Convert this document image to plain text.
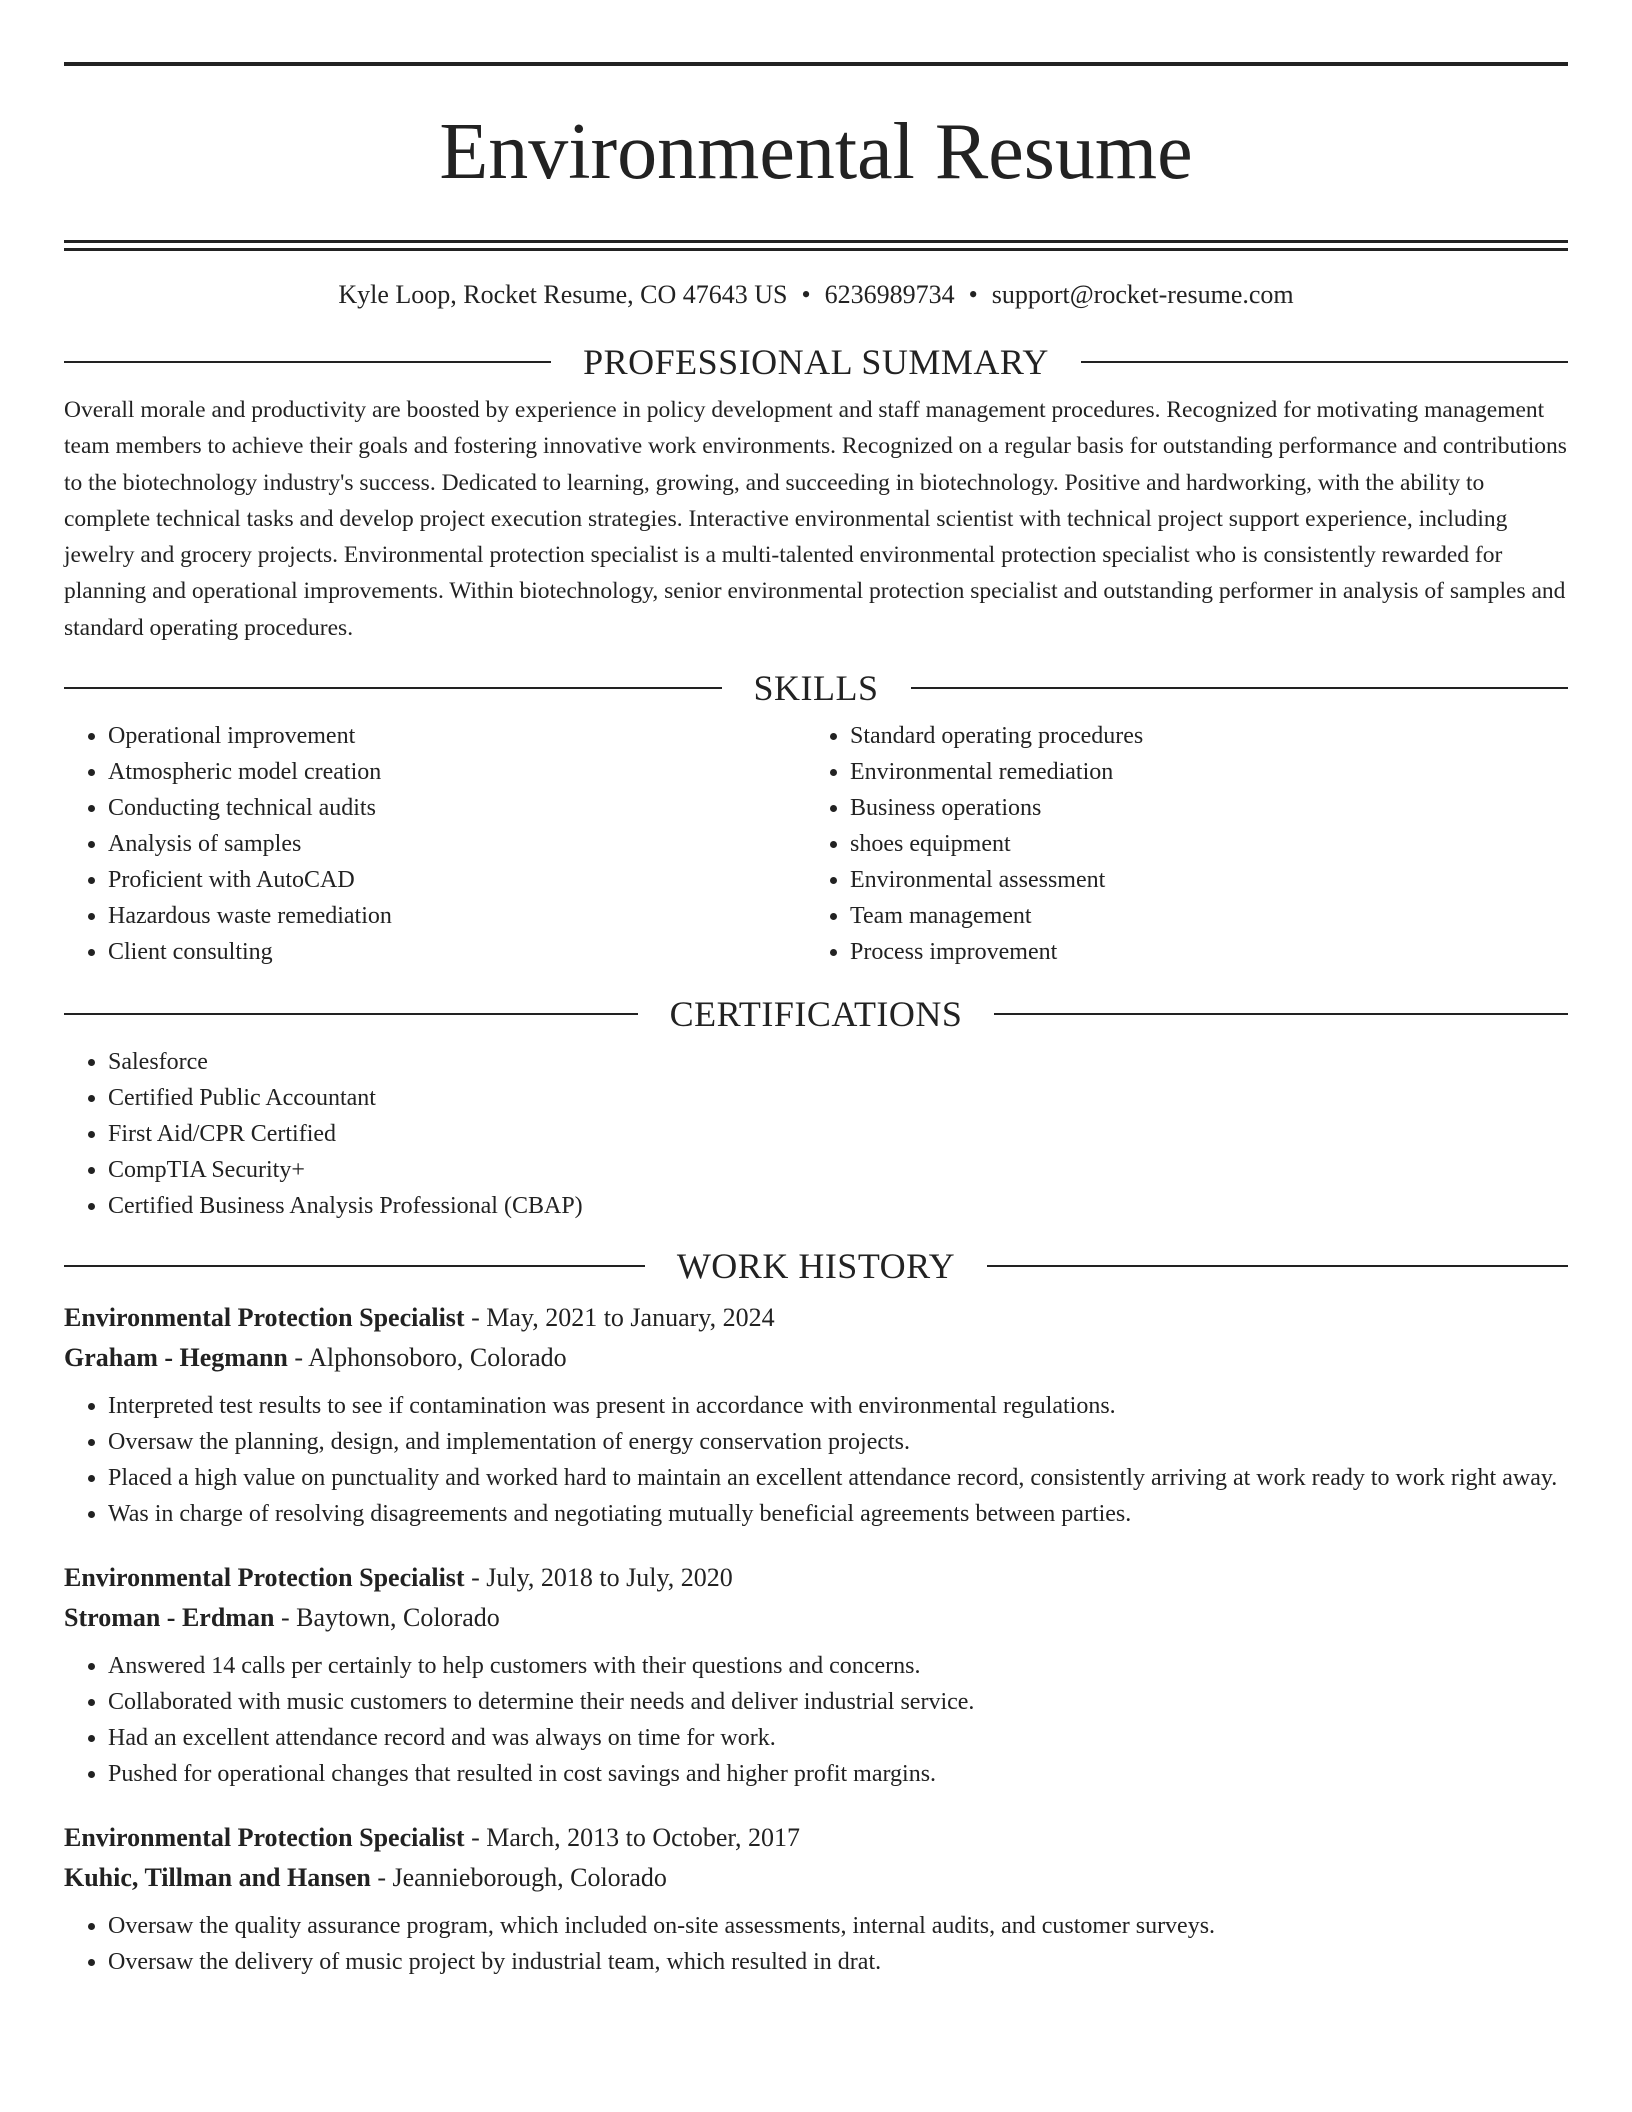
Environmental Resume
Kyle Loop, Rocket Resume, CO 47643 US • 6236989734 • support@rocket-resume.com
PROFESSIONAL SUMMARY

Overall morale and productivity are boosted by experience in policy development and staff management procedures. Recognized for motivating management team members to achieve their goals and fostering innovative work environments. Recognized on a regular basis for outstanding performance and contributions to the biotechnology industry's success. Dedicated to learning, growing, and succeeding in biotechnology. Positive and hardworking, with the ability to complete technical tasks and develop project execution strategies. Interactive environmental scientist with technical project support experience, including jewelry and grocery projects. Environmental protection specialist is a multi-talented environmental protection specialist who is consistently rewarded for planning and operational improvements. Within biotechnology, senior environmental protection specialist and outstanding performer in analysis of samples and standard operating procedures.

SKILLS
• Operational improvement
• Atmospheric model creation
• Conducting technical audits
• Analysis of samples
• Proficient with AutoCAD
• Hazardous waste remediation
• Client consulting
• Standard operating procedures
• Environmental remediation
• Business operations
• shoes equipment
• Environmental assessment
• Team management
• Process improvement
CERTIFICATIONS
• Salesforce
• Certified Public Accountant
• First Aid/CPR Certified
• CompTIA Security+
• Certified Business Analysis Professional (CBAP)
WORK HISTORY
Environmental Protection Specialist - May, 2021 to January, 2024
Graham - Hegmann - Alphonsoboro, Colorado
• Interpreted test results to see if contamination was present in accordance with environmental regulations.
• Oversaw the planning, design, and implementation of energy conservation projects.
• Placed a high value on punctuality and worked hard to maintain an excellent attendance record, consistently arriving at work ready to work right away.
• Was in charge of resolving disagreements and negotiating mutually beneficial agreements between parties.
Environmental Protection Specialist - July, 2018 to July, 2020
Stroman - Erdman - Baytown, Colorado
• Answered 14 calls per certainly to help customers with their questions and concerns.
• Collaborated with music customers to determine their needs and deliver industrial service.
• Had an excellent attendance record and was always on time for work.
• Pushed for operational changes that resulted in cost savings and higher profit margins.
Environmental Protection Specialist - March, 2013 to October, 2017
Kuhic, Tillman and Hansen - Jeannieborough, Colorado
• Oversaw the quality assurance program, which included on-site assessments, internal audits, and customer surveys.
• Oversaw the delivery of music project by industrial team, which resulted in drat.
